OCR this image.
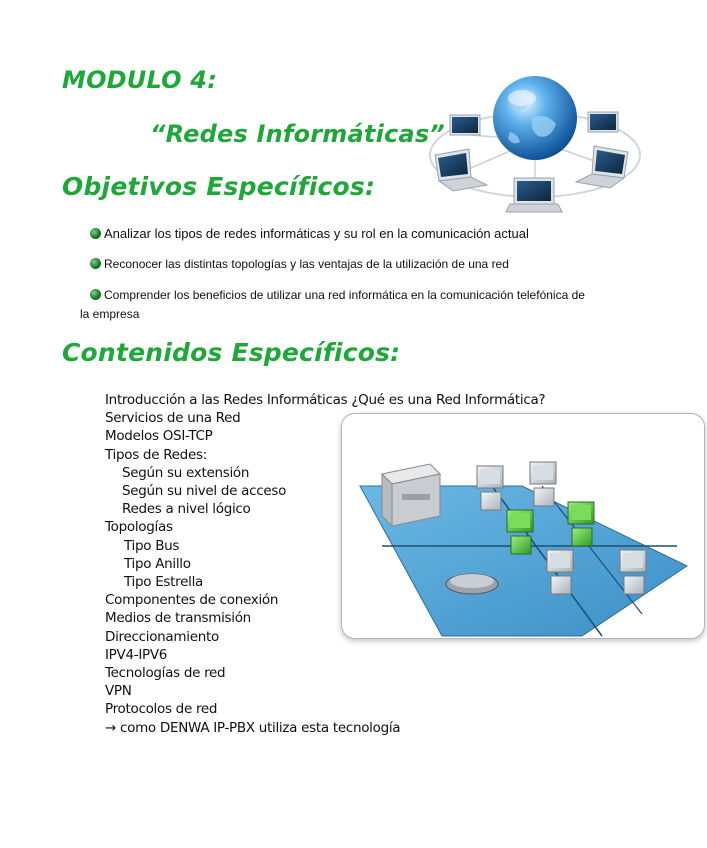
MODULO 4:
“Redes Informáticas”
Objetivos Específicos:
Analizar los tipos de redes informáticas y su rol en la comunicación actual
Reconocer las distintas topologías y las ventajas de la utilización de una red
Comprender los beneficios de utilizar una red informática en la comunicación telefónica de
la empresa
Contenidos Específicos:
Introducción a las Redes Informáticas ¿Qué es una Red Informática?
Servicios de una Red
Modelos OSI-TCP
Tipos de Redes:
Según su extensión
Según su nivel de acceso
Redes a nivel lógico
Topologías
Tipo Bus
Tipo Anillo
Tipo Estrella
Componentes de conexión
Medios de transmisión
Direccionamiento
IPV4-IPV6
Tecnologías de red
VPN
Protocolos de red
→ como DENWA IP-PBX utiliza esta tecnología
